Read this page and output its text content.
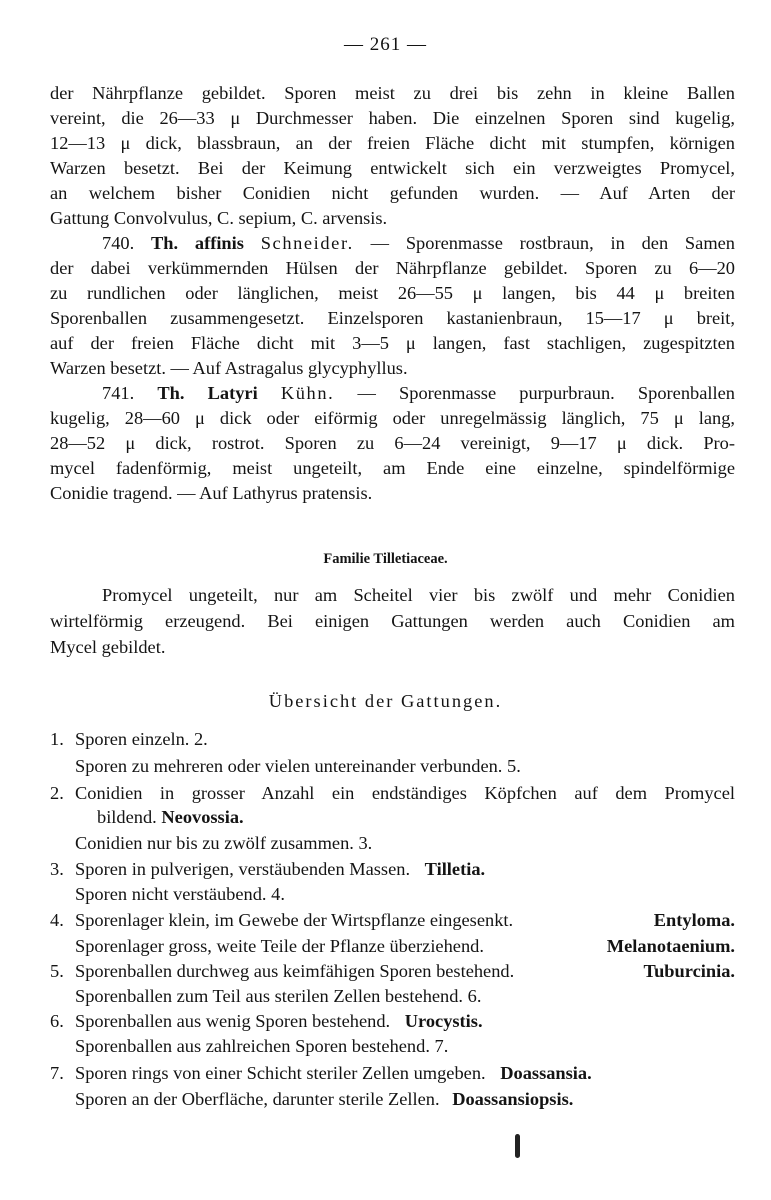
— 261 —

der Nährpflanze gebildet. Sporen meist zu drei bis zehn in kleine Ballen

vereint, die 26—33 μ Durchmesser haben. Die einzelnen Sporen sind kugelig,

12—13 μ dick, blassbraun, an der freien Fläche dicht mit stumpfen, körnigen

Warzen besetzt. Bei der Keimung entwickelt sich ein verzweigtes Promycel,

an welchem bisher Conidien nicht gefunden wurden. — Auf Arten der

Gattung Convolvulus, C. sepium, C. arvensis.

740. Th. affinis Schneider. — Sporenmasse rostbraun, in den Samen

der dabei verkümmernden Hülsen der Nährpflanze gebildet. Sporen zu 6—20

zu rundlichen oder länglichen, meist 26—55 μ langen, bis 44 μ breiten

Sporenballen zusammengesetzt. Einzelsporen kastanienbraun, 15—17 μ breit,

auf der freien Fläche dicht mit 3—5 μ langen, fast stachligen, zugespitzten

Warzen besetzt. — Auf Astragalus glycyphyllus.

741. Th. Latyri Kühn. — Sporenmasse purpurbraun. Sporenballen

kugelig, 28—60 μ dick oder eiförmig oder unregelmässig länglich, 75 μ lang,

28—52 μ dick, rostrot. Sporen zu 6—24 vereinigt, 9—17 μ dick. Pro-

mycel fadenförmig, meist ungeteilt, am Ende eine einzelne, spindelförmige

Conidie tragend. — Auf Lathyrus pratensis.

Familie Tilletiaceae.

Promycel ungeteilt, nur am Scheitel vier bis zwölf und mehr Conidien

wirtelförmig erzeugend. Bei einigen Gattungen werden auch Conidien am

Mycel gebildet.

Übersicht der Gattungen.

1. Sporen einzeln. 2.

Sporen zu mehreren oder vielen untereinander verbunden. 5.

2. Conidien in grosser Anzahl ein endständiges Köpfchen auf dem Promycel

bildend. Neovossia.

Conidien nur bis zu zwölf zusammen. 3.

3. Sporen in pulverigen, verstäubenden Massen. Tilletia.

Sporen nicht verstäubend. 4.

4. Sporenlager klein, im Gewebe der Wirtspflanze eingesenkt.	Entyloma.

Sporenlager gross, weite Teile der Pflanze überziehend.	Melanotaenium.

5. Sporenballen durchweg aus keimfähigen Sporen bestehend.	Tuburcinia.

Sporenballen zum Teil aus sterilen Zellen bestehend. 6.

6. Sporenballen aus wenig Sporen bestehend. Urocystis.

Sporenballen aus zahlreichen Sporen bestehend. 7.

7. Sporen rings von einer Schicht steriler Zellen umgeben. Doassansia.

Sporen an der Oberfläche, darunter sterile Zellen. Doassansiopsis.
